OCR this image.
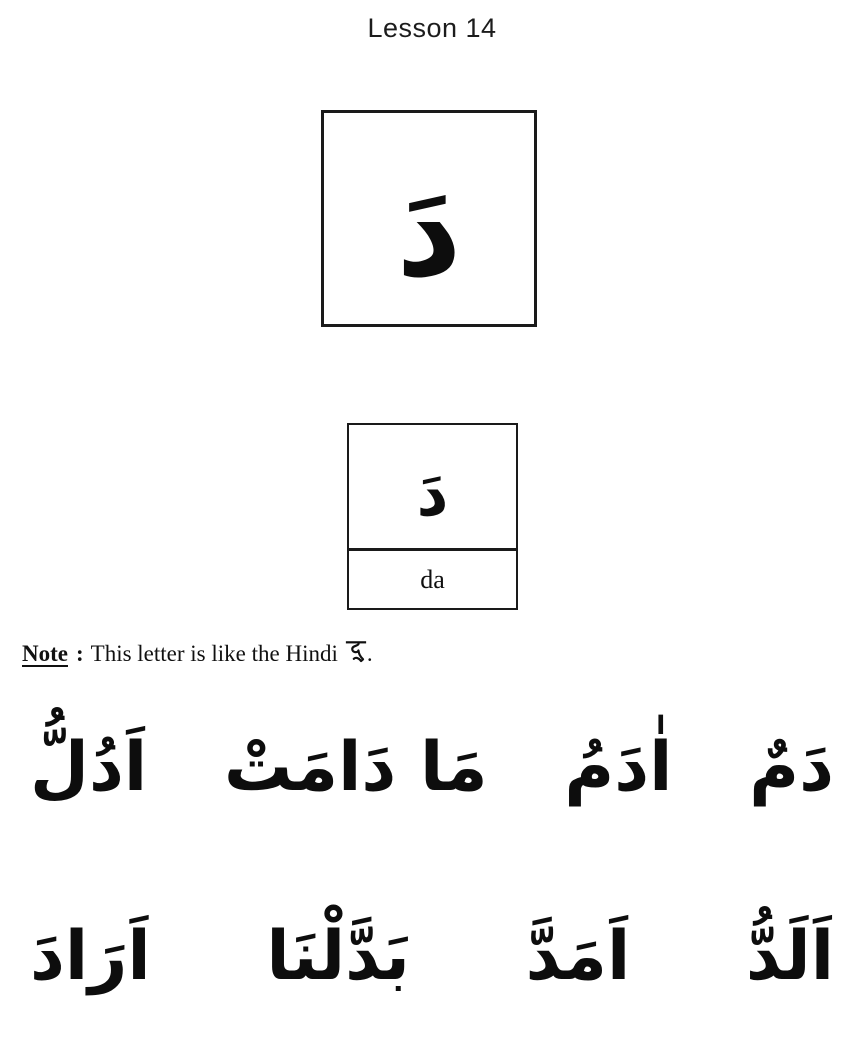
Lesson 14
دَ
دَ
da
Note : This letter is like the Hindi .
دَمٌ
اٰدَمُ
مَا دَامَتْ
اَدُلُّ
اَلَدُّ
اَمَدَّ
بَدَّلْنَا
اَرَادَ
